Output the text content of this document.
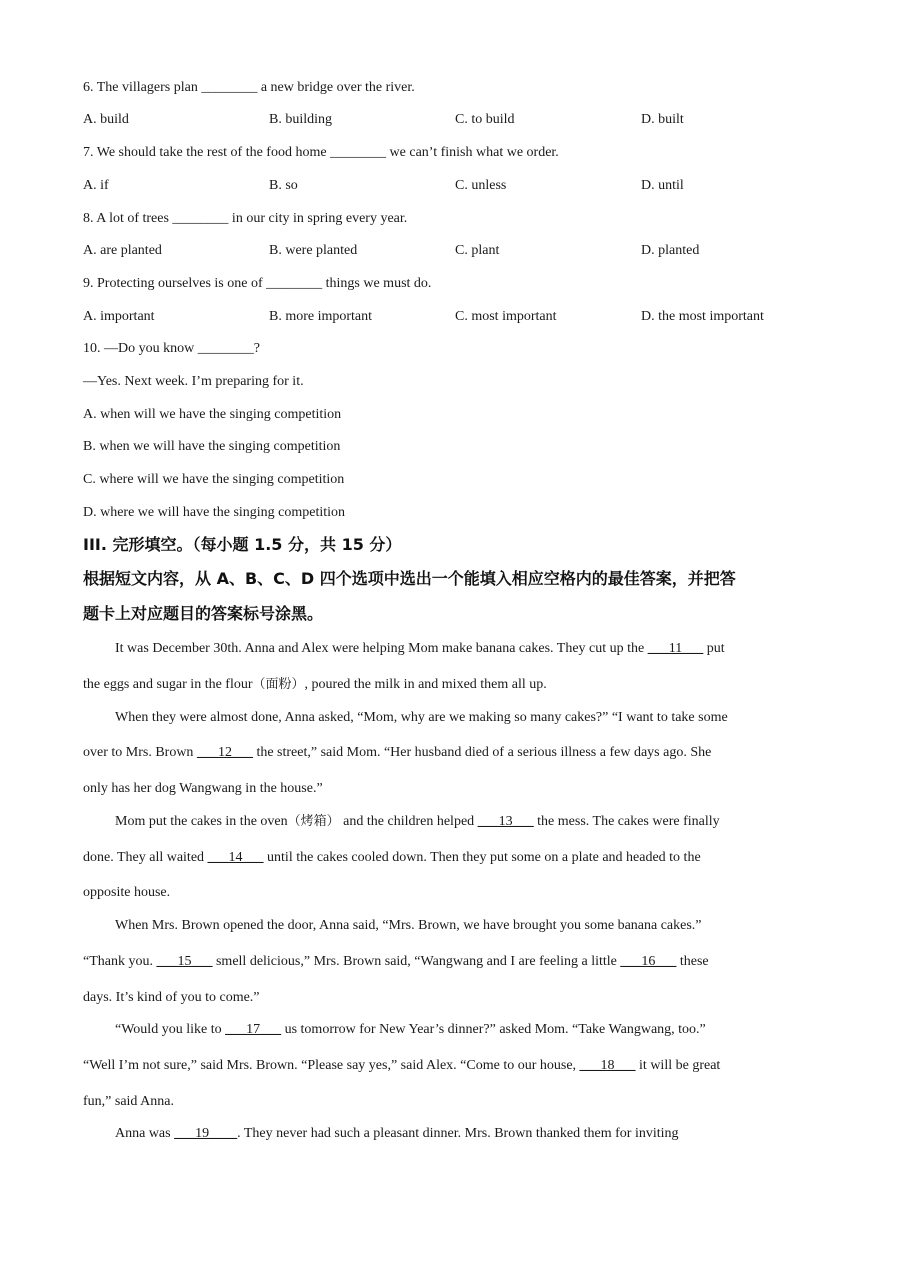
6. The villagers plan ________ a new bridge over the river.
A. build	B. building	C. to build	D. built
7. We should take the rest of the food home ________ we can’t finish what we order.
A. if	B. so	C. unless	D. until
8. A lot of trees ________ in our city in spring every year.
A. are planted	B. were planted	C. plant	D. planted
9. Protecting ourselves is one of ________ things we must do.
A. important	B. more important	C. most important	D. the most important
10. —Do you know ________?
—Yes. Next week. I’m preparing for it.
A. when will we have the singing competition
B. when we will have the singing competition
C. where will we have the singing competition
D. where we will have the singing competition
III. 完形填空。（每小题 1.5 分，共 15 分）
根据短文内容，从 A、B、C、D 四个选项中选出一个能填入相应空格内的最佳答案，并把答
题卡上对应题目的答案标号涂黑。
It was December 30th. Anna and Alex were helping Mom make banana cakes. They cut up the ___11___ put
the eggs and sugar in the flour（面粉）, poured the milk in and mixed them all up.
When they were almost done, Anna asked, “Mom, why are we making so many cakes?” “I want to take some
over to Mrs. Brown ___12___ the street,” said Mom. “Her husband died of a serious illness a few days ago. She
only has her dog Wangwang in the house.”
Mom put the cakes in the oven（烤箱） and the children helped ___13___ the mess. The cakes were finally
done. They all waited ___14___ until the cakes cooled down. Then they put some on a plate and headed to the
opposite house.
When Mrs. Brown opened the door, Anna said, “Mrs. Brown, we have brought you some banana cakes.”
“Thank you. ___15___ smell delicious,” Mrs. Brown said, “Wangwang and I are feeling a little ___16___ these
days. It’s kind of you to come.”
“Would you like to ___17___ us tomorrow for New Year’s dinner?” asked Mom. “Take Wangwang, too.”
“Well I’m not sure,” said Mrs. Brown. “Please say yes,” said Alex. “Come to our house, ___18___ it will be great
fun,” said Anna.
Anna was ___19____. They never had such a pleasant dinner. Mrs. Brown thanked them for inviting
